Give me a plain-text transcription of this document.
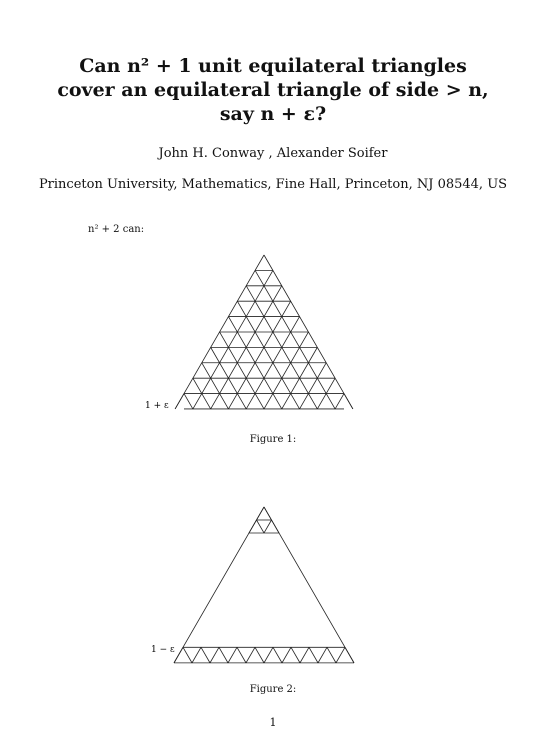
Can n² + 1 unit equilateral triangles
cover an equilateral triangle of side > n,
say n + ε?
John H. Conway , Alexander Soifer
Princeton University, Mathematics, Fine Hall, Princeton, NJ 08544, US
n² + 2 can:
1 + ε
1 − ε
Figure 1:
Figure 2:
1
